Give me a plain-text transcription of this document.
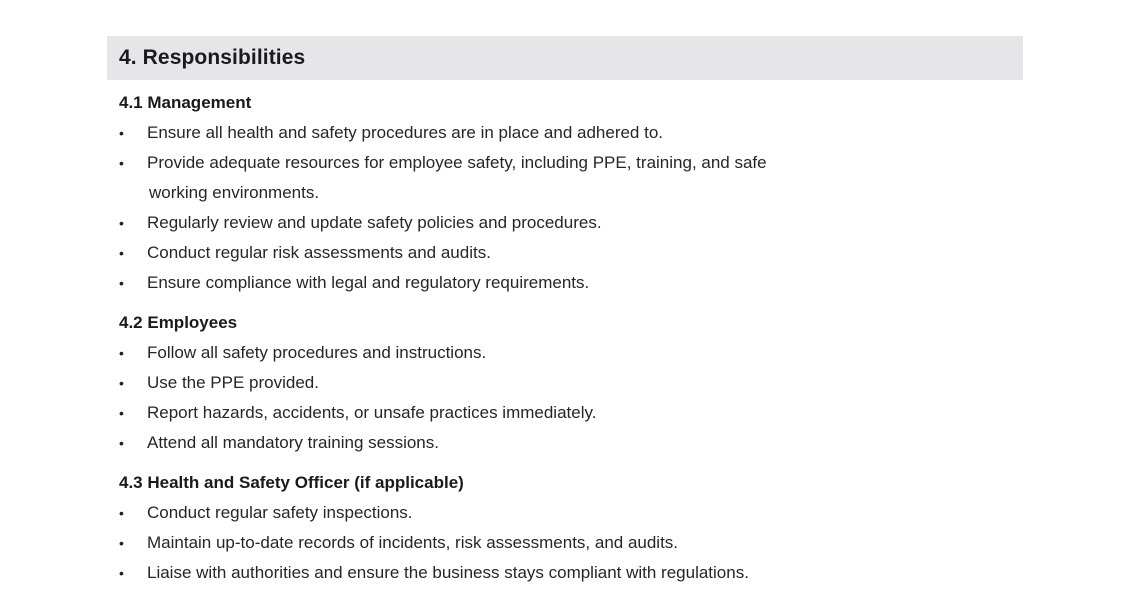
4. Responsibilities
4.1 Management
• Ensure all health and safety procedures are in place and adhered to.
• Provide adequate resources for employee safety, including PPE, training, and safe
working environments.
• Regularly review and update safety policies and procedures.
• Conduct regular risk assessments and audits.
• Ensure compliance with legal and regulatory requirements.
4.2 Employees
• Follow all safety procedures and instructions.
• Use the PPE provided.
• Report hazards, accidents, or unsafe practices immediately.
• Attend all mandatory training sessions.
4.3 Health and Safety Officer (if applicable)
• Conduct regular safety inspections.
• Maintain up-to-date records of incidents, risk assessments, and audits.
• Liaise with authorities and ensure the business stays compliant with regulations.
